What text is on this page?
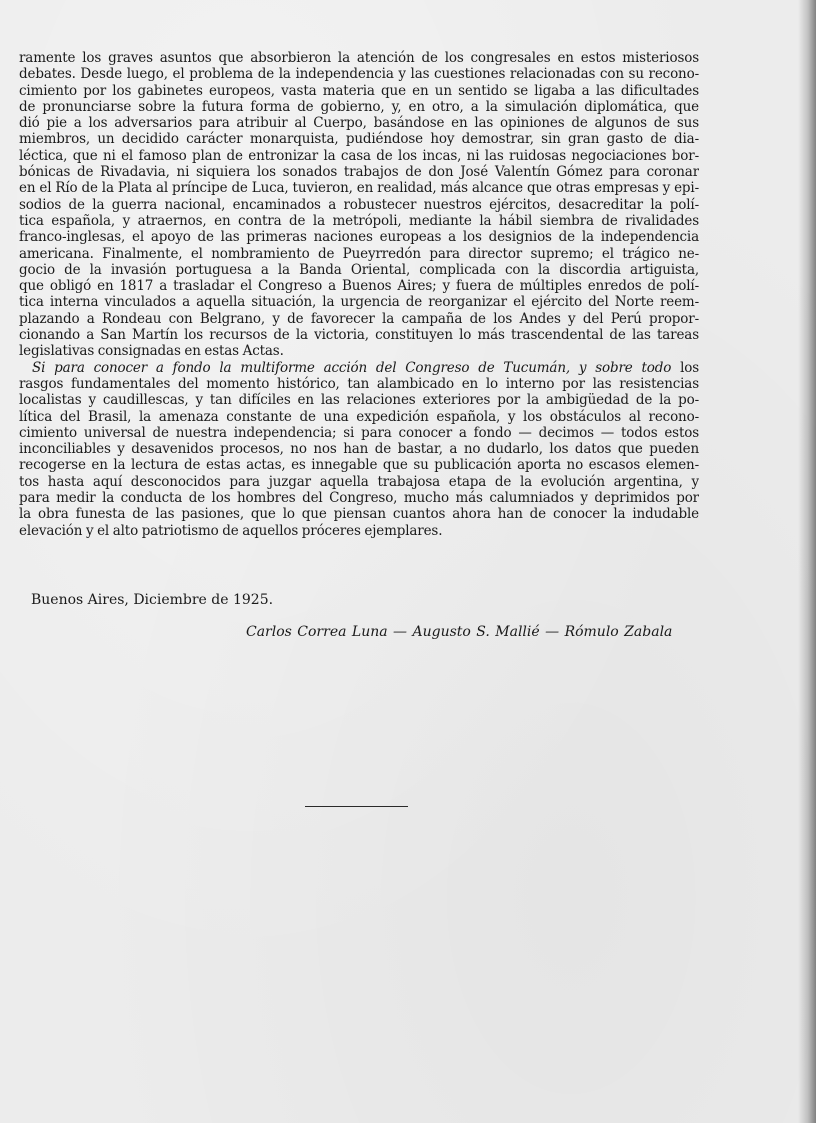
ramente los graves asuntos que absorbieron la atención de los congresales en estos misteriosos
debates. Desde luego, el problema de la independencia y las cuestiones relacionadas con su recono-
cimiento por los gabinetes europeos, vasta materia que en un sentido se ligaba a las dificultades
de pronunciarse sobre la futura forma de gobierno, y, en otro, a la simulación diplomática, que
dió pie a los adversarios para atribuir al Cuerpo, basándose en las opiniones de algunos de sus
miembros, un decidido carácter monarquista, pudiéndose hoy demostrar, sin gran gasto de dia-
léctica, que ni el famoso plan de entronizar la casa de los incas, ni las ruidosas negociaciones bor-
bónicas de Rivadavia, ni siquiera los sonados trabajos de don José Valentín Gómez para coronar
en el Río de la Plata al príncipe de Luca, tuvieron, en realidad, más alcance que otras empresas y epi-
sodios de la guerra nacional, encaminados a robustecer nuestros ejércitos, desacreditar la polí-
tica española, y atraernos, en contra de la metrópoli, mediante la hábil siembra de rivalidades
franco-inglesas, el apoyo de las primeras naciones europeas a los designios de la independencia
americana. Finalmente, el nombramiento de Pueyrredón para director supremo; el trágico ne-
gocio de la invasión portuguesa a la Banda Oriental, complicada con la discordia artiguista,
que obligó en 1817 a trasladar el Congreso a Buenos Aires; y fuera de múltiples enredos de polí-
tica interna vinculados a aquella situación, la urgencia de reorganizar el ejército del Norte reem-
plazando a Rondeau con Belgrano, y de favorecer la campaña de los Andes y del Perú propor-
cionando a San Martín los recursos de la victoria, constituyen lo más trascendental de las tareas
legislativas consignadas en estas Actas.
Si para conocer a fondo la multiforme acción del Congreso de Tucumán, y sobre todo los
rasgos fundamentales del momento histórico, tan alambicado en lo interno por las resistencias
localistas y caudillescas, y tan difíciles en las relaciones exteriores por la ambigüedad de la po-
lítica del Brasil, la amenaza constante de una expedición española, y los obstáculos al recono-
cimiento universal de nuestra independencia; si para conocer a fondo — decimos — todos estos
inconciliables y desavenidos procesos, no nos han de bastar, a no dudarlo, los datos que pueden
recogerse en la lectura de estas actas, es innegable que su publicación aporta no escasos elemen-
tos hasta aquí desconocidos para juzgar aquella trabajosa etapa de la evolución argentina, y
para medir la conducta de los hombres del Congreso, mucho más calumniados y deprimidos por
la obra funesta de las pasiones, que lo que piensan cuantos ahora han de conocer la indudable
elevación y el alto patriotismo de aquellos próceres ejemplares.
Buenos Aires, Diciembre de 1925.
Carlos Correa Luna — Augusto S. Mallié — Rómulo Zabala
